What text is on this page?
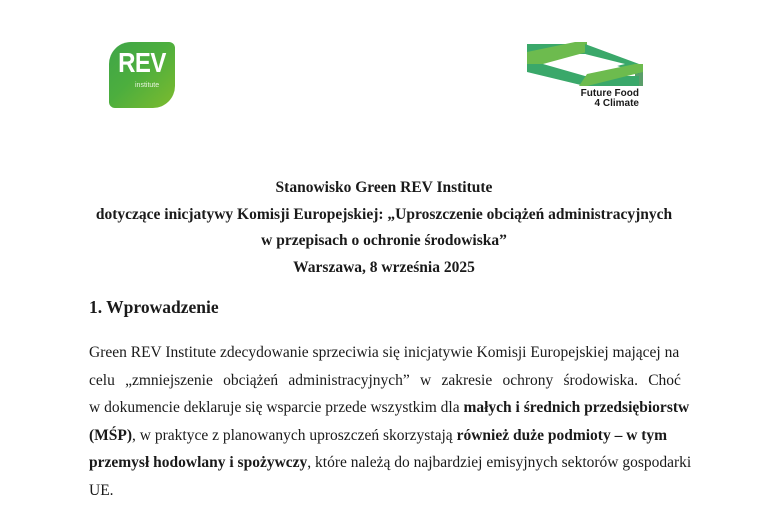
REV
institute
Future Food
4 Climate
Stanowisko Green REV Institute
dotyczące inicjatywy Komisji Europejskiej: „Uproszczenie obciążeń administracyjnych
w przepisach o ochronie środowiska”
Warszawa, 8 września 2025
1. Wprowadzenie
Green REV Institute zdecydowanie sprzeciwia się inicjatywie Komisji Europejskiej mającej na
celu „zmniejszenie obciążeń administracyjnych” w zakresie ochrony środowiska. Choć
w dokumencie deklaruje się wsparcie przede wszystkim dla małych i średnich przedsiębiorstw
(MŚP), w praktyce z planowanych uproszczeń skorzystają również duże podmioty – w tym
przemysł hodowlany i spożywczy, które należą do najbardziej emisyjnych sektorów gospodarki
UE.
